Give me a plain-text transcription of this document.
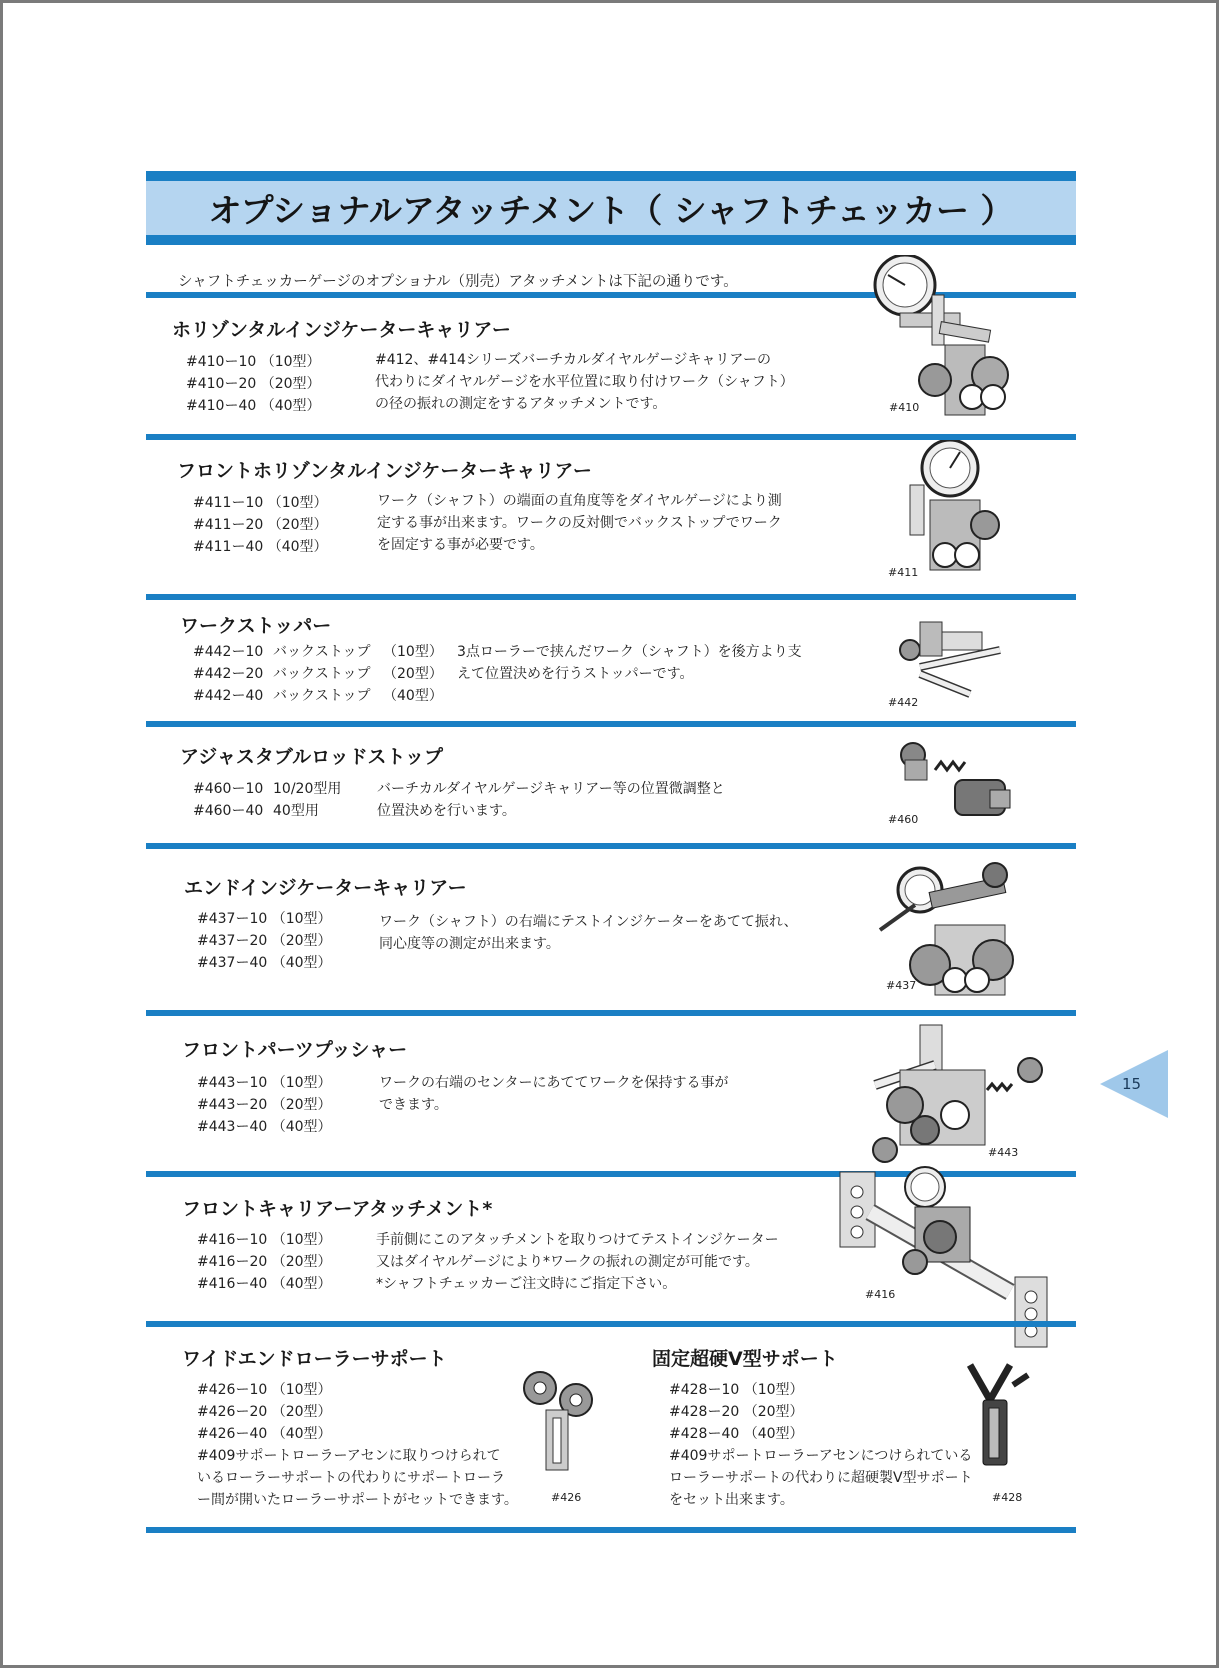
オプショナルアタッチメント（ シャフトチェッカー ）
シャフトチェッカーゲージのオプショナル（別売）アタッチメントは下記の通りです。
ホリゾンタルインジケーターキャリアー
#410ー10 （10型）
#410ー20 （20型）
#410ー40 （40型）
#412、#414シリーズバーチカルダイヤルゲージキャリアーの
代わりにダイヤルゲージを水平位置に取り付けワーク（シャフト）
の径の振れの測定をするアタッチメントです。	#410
フロントホリゾンタルインジケーターキャリアー
#411ー10 （10型）
#411ー20 （20型）
#411ー40 （40型）
ワーク（シャフト）の端面の直角度等をダイヤルゲージにより測
定する事が出来ます。ワークの反対側でバックストップでワーク
を固定する事が必要です。
#411
ワークストッパー
#442ー10 バックストップ （10型）
#442ー20 バックストップ （20型）
#442ー40 バックストップ （40型）
3点ローラーで挟んだワーク（シャフト）を後方より支
えて位置決めを行うストッパーです。
#442
アジャスタブルロッドストップ
#460ー10 10/20型用
#460ー40 40型用
バーチカルダイヤルゲージキャリアー等の位置微調整と
位置決めを行います。
#460
エンドインジケーターキャリアー
#437ー10 （10型）
#437ー20 （20型）
#437ー40 （40型）
ワーク（シャフト）の右端にテストインジケーターをあてて振れ、
同心度等の測定が出来ます。
#437
フロントパーツプッシャー
#443ー10 （10型）
#443ー20 （20型）
#443ー40 （40型）
ワークの右端のセンターにあててワークを保持する事が
できます。
#443
フロントキャリアーアタッチメント*
#416ー10 （10型）
#416ー20 （20型）
#416ー40 （40型）
手前側にこのアタッチメントを取りつけてテストインジケーター
又はダイヤルゲージにより*ワークの振れの測定が可能です。
*シャフトチェッカーご注文時にご指定下さい。
#416
ワイドエンドローラーサポート
#426ー10 （10型）
#426ー20 （20型）
#426ー40 （40型）
#409サポートローラーアセンに取りつけられて
いるローラーサポートの代わりにサポートローラ
ー間が開いたローラーサポートがセットできます。	#426
固定超硬V型サポート
#428ー10 （10型）
#428ー20 （20型）
#428ー40 （40型）
#409サポートローラーアセンにつけられている
ローラーサポートの代わりに超硬製V型サポート
をセット出来ます。	#428
15
